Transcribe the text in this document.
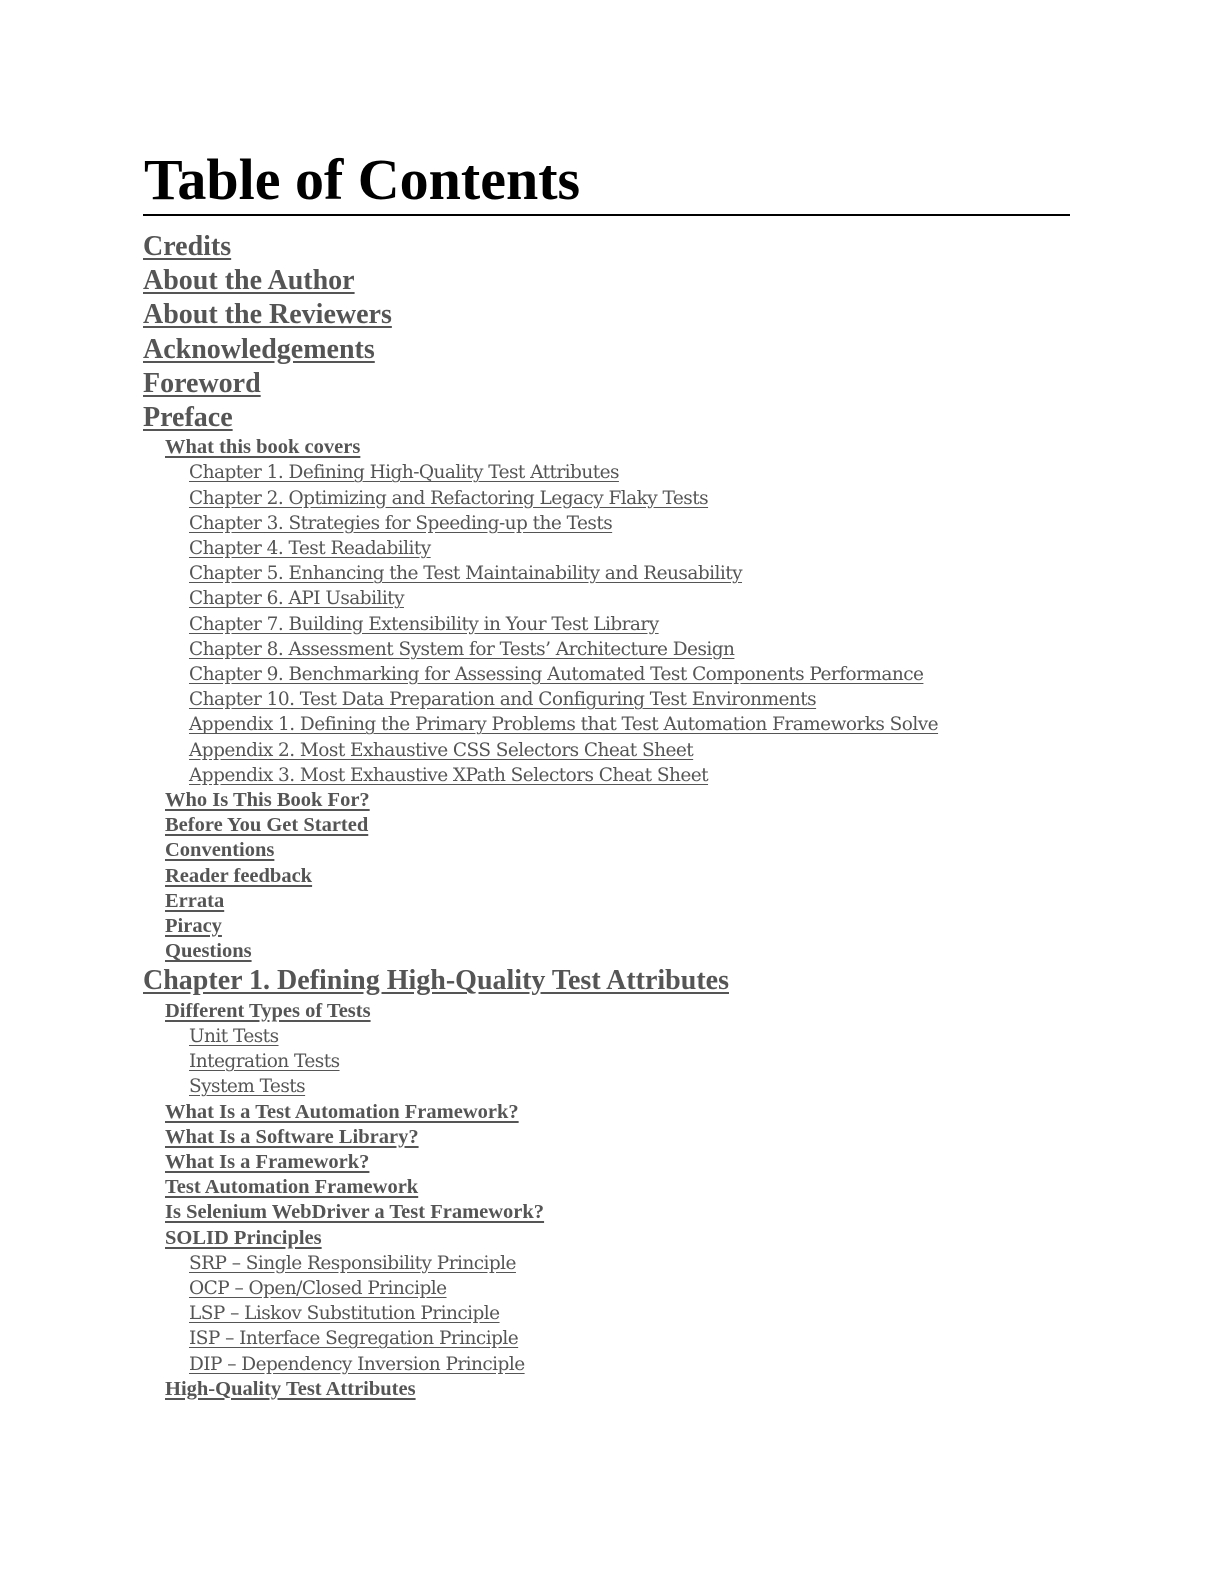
Table of Contents
Credits
About the Author
About the Reviewers
Acknowledgements
Foreword
Preface
What this book covers
Chapter 1. Defining High-Quality Test Attributes
Chapter 2. Optimizing and Refactoring Legacy Flaky Tests
Chapter 3. Strategies for Speeding-up the Tests
Chapter 4. Test Readability
Chapter 5. Enhancing the Test Maintainability and Reusability
Chapter 6. API Usability
Chapter 7. Building Extensibility in Your Test Library
Chapter 8. Assessment System for Tests’ Architecture Design
Chapter 9. Benchmarking for Assessing Automated Test Components Performance
Chapter 10. Test Data Preparation and Configuring Test Environments
Appendix 1. Defining the Primary Problems that Test Automation Frameworks Solve
Appendix 2. Most Exhaustive CSS Selectors Cheat Sheet
Appendix 3. Most Exhaustive XPath Selectors Cheat Sheet
Who Is This Book For?
Before You Get Started
Conventions
Reader feedback
Errata
Piracy
Questions
Chapter 1. Defining High-Quality Test Attributes
Different Types of Tests
Unit Tests
Integration Tests
System Tests
What Is a Test Automation Framework?
What Is a Software Library?
What Is a Framework?
Test Automation Framework
Is Selenium WebDriver a Test Framework?
SOLID Principles
SRP – Single Responsibility Principle
OCP – Open/Closed Principle
LSP – Liskov Substitution Principle
ISP – Interface Segregation Principle
DIP – Dependency Inversion Principle
High-Quality Test Attributes
